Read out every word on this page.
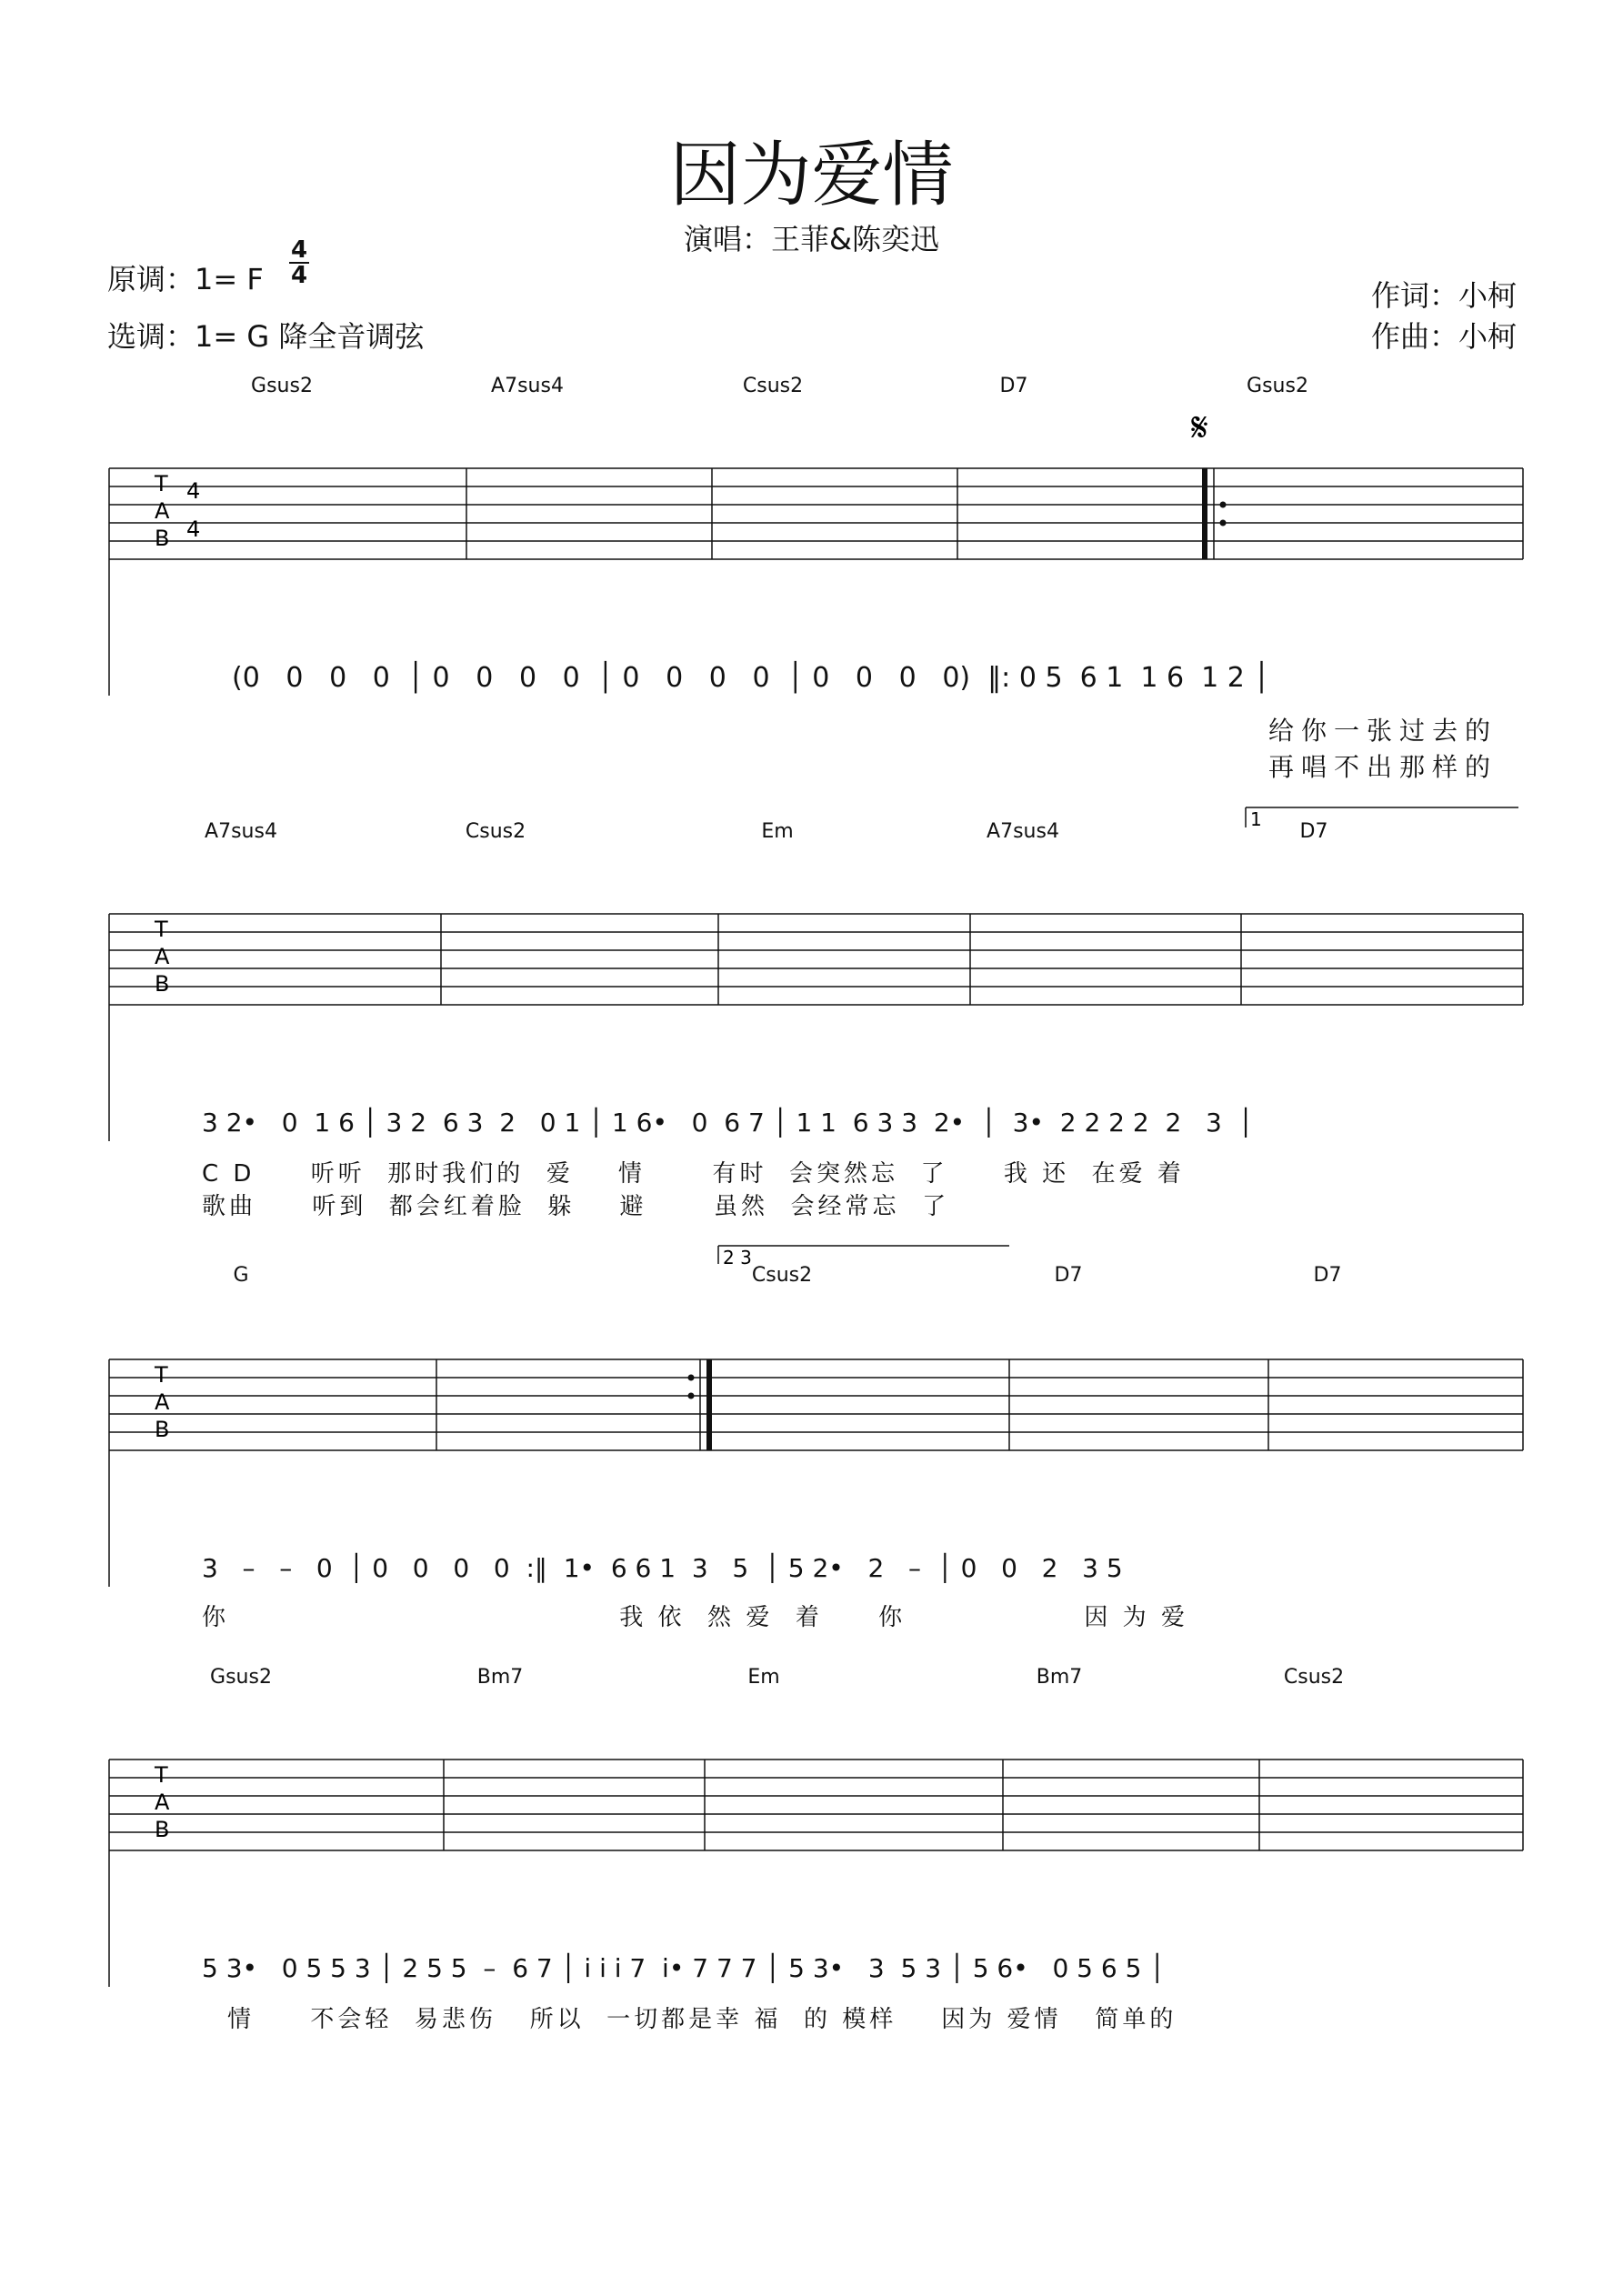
因为爱情
演唱：王菲&陈奕迅
原调：1= F
4
4
选调：1= G 降全音调弦
作词：小柯
作曲：小柯
T
A
B
4
4
𝄋
Gsus2	A7sus4	Csus2	D7	Gsus2
(0   0   0   0  │ 0   0   0   0  │ 0   0   0   0  │ 0   0   0   0)  ‖: 0 5  6 1  1 6  1 2 │
给你一张过去的
再唱不出那样的
1
T
A
B
A7sus4	Csus2	Em	A7sus4	D7
3 2•   0  1 6 │ 3 2  6 3  2   0 1 │ 1 6•   0  6 7 │ 1 1  6 3 3  2•  │  3•  2 2 2 2  2   3  │
C D     听听  那时我们的  爱    情      有时  会突然忘  了     我 还  在爱 着
歌曲     听到  都会红着脸  躲    避      虽然  会经常忘  了
2 3
T
A
B
G	Csus2	D7	D7
3   –   –   0  │ 0   0   0   0  :‖  1•  6 6 1  3   5  │ 5 2•   2   –  │ 0   0   2   3 5
你                                   我 依  然 爱  着     你                因 为 爱
T
A
B
Gsus2	Bm7	Em	Bm7	Csus2
5 3•   0 5 5 3 │ 2 5 5  –  6 7 │ i i i 7  i• 7 7 7 │ 5 3•   3  5 3 │ 5 6•   0 5 6 5 │
情     不会轻  易悲伤   所以  一切都是幸 福  的 模样    因为 爱情   简单的
